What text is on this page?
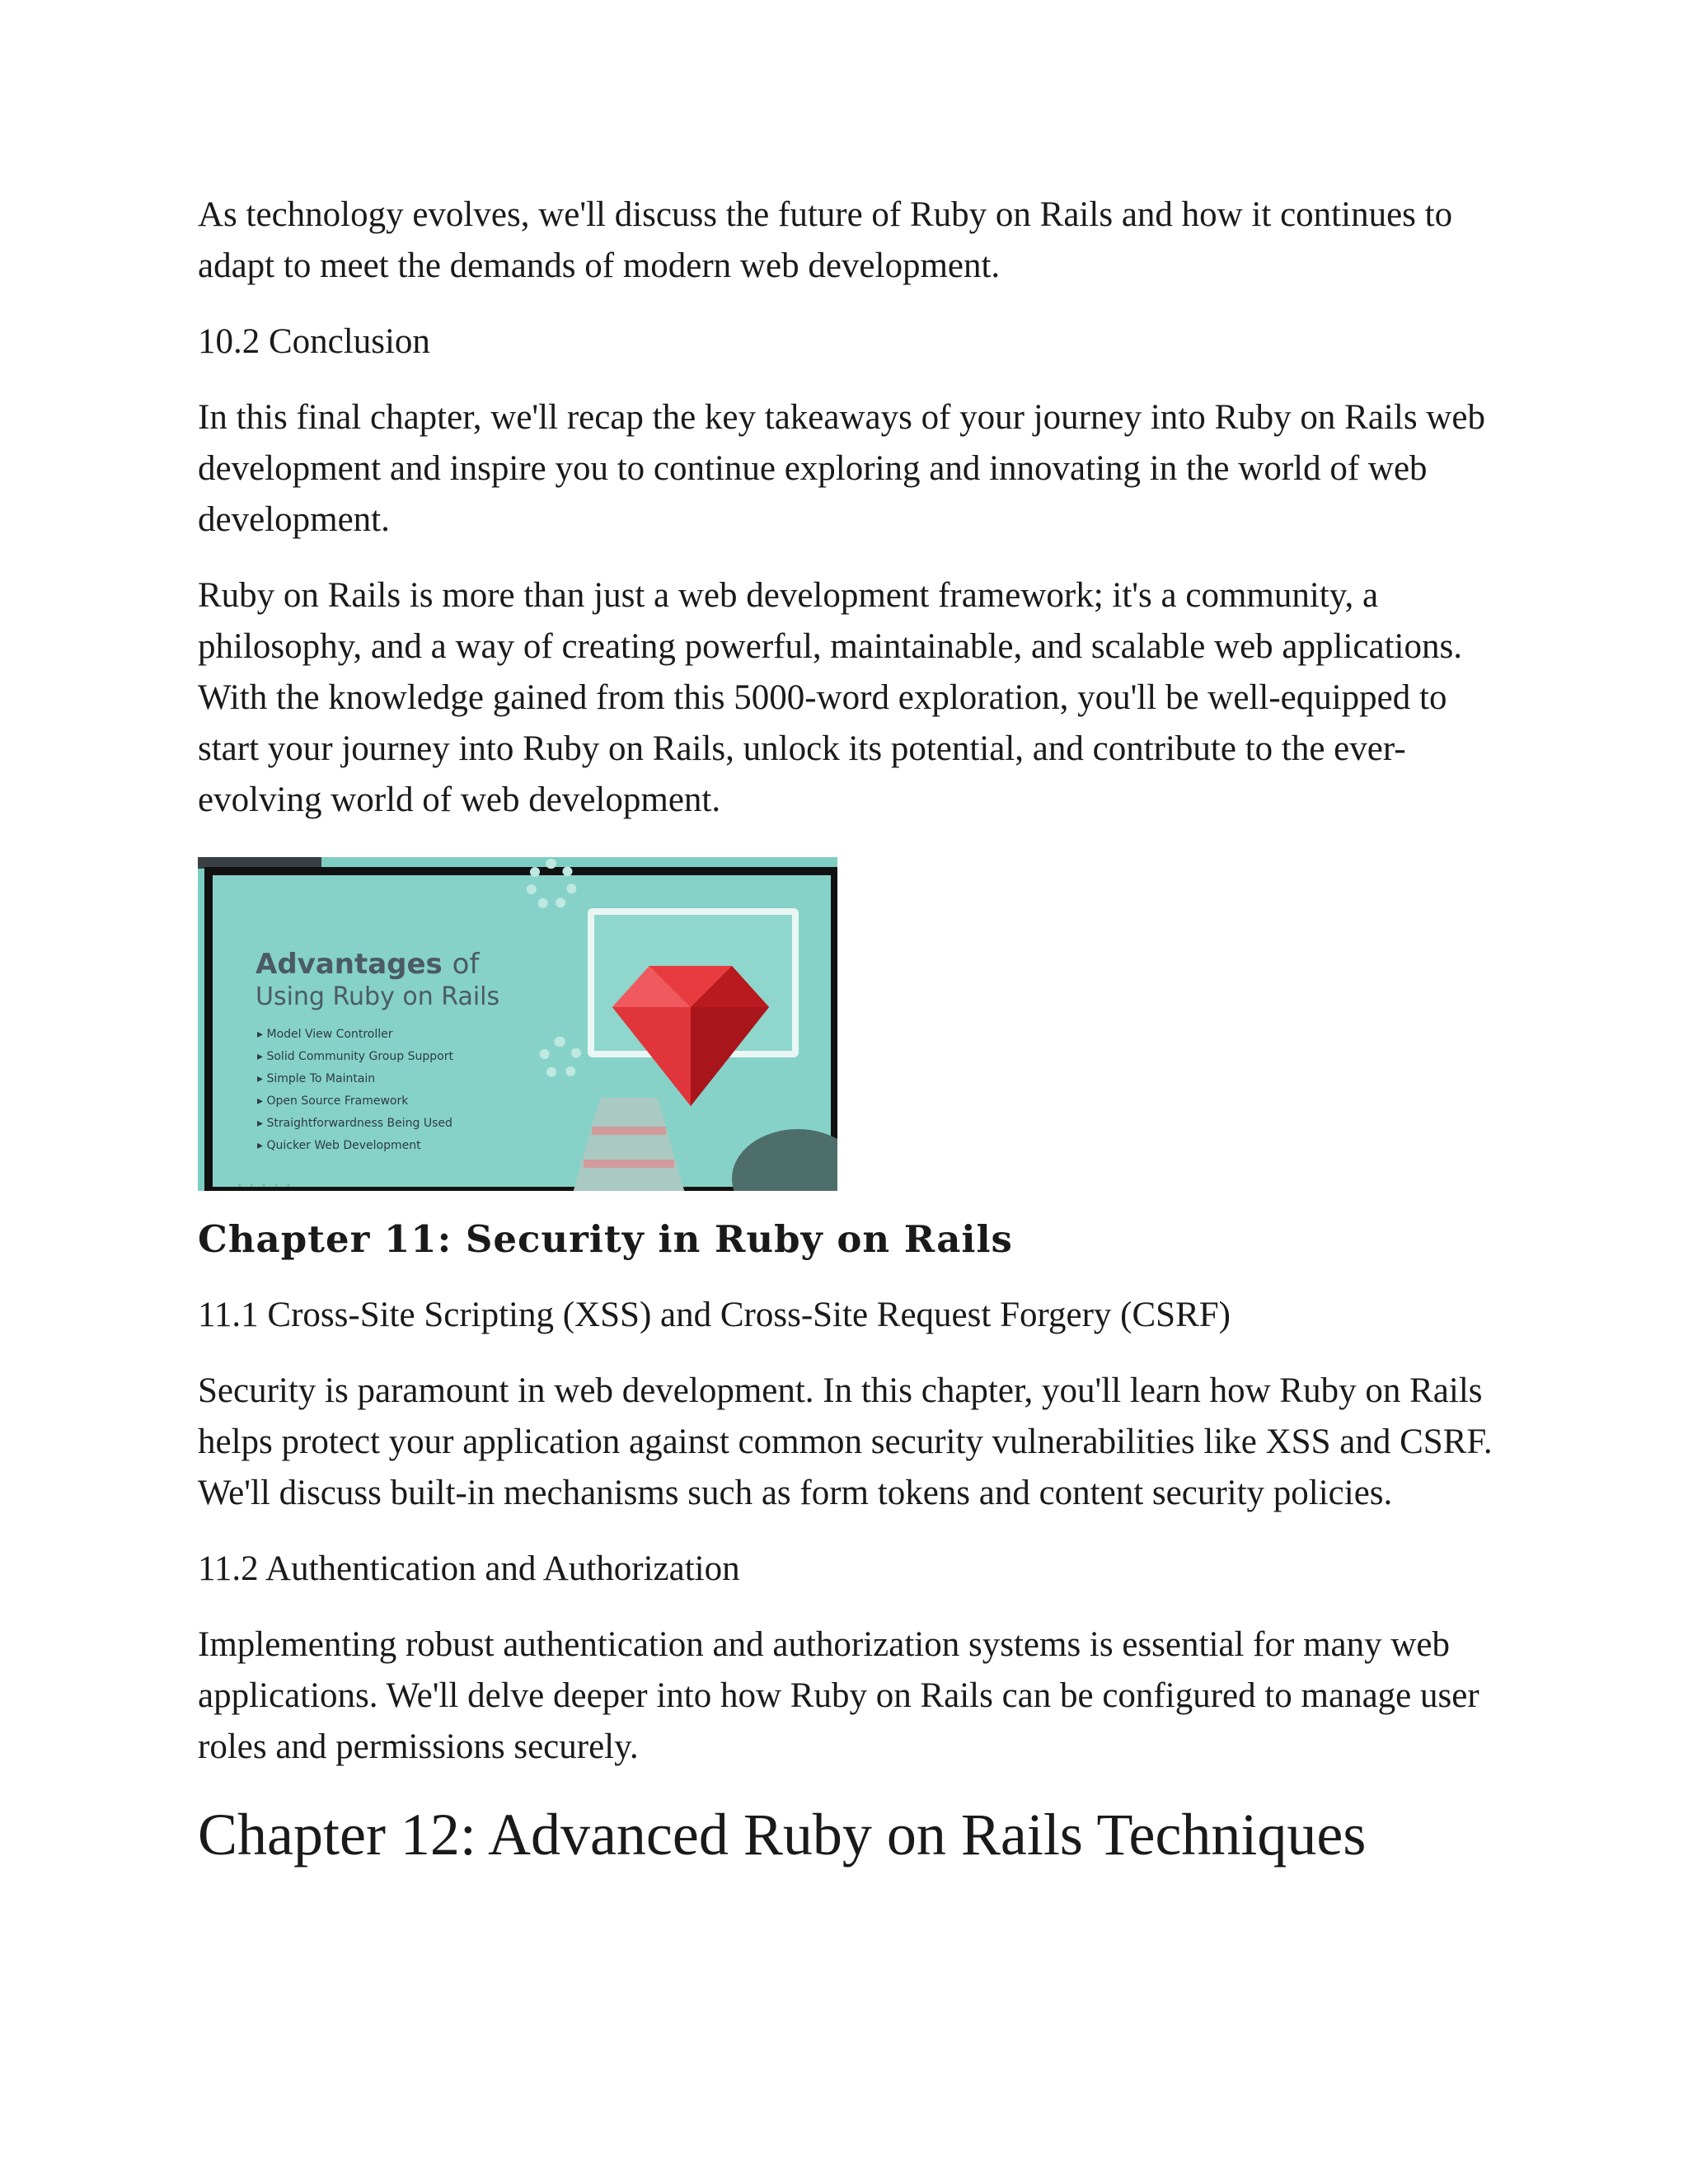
As technology evolves, we'll discuss the future of Ruby on Rails and how it continues to adapt to meet the demands of modern web development.

10.2 Conclusion

In this final chapter, we'll recap the key takeaways of your journey into Ruby on Rails web development and inspire you to continue exploring and innovating in the world of web development.

Ruby on Rails is more than just a web development framework; it's a community, a philosophy, and a way of creating powerful, maintainable, and scalable web applications. With the knowledge gained from this 5000-word exploration, you'll be well-equipped to start your journey into Ruby on Rails, unlock its potential, and contribute to the ever-evolving world of web development.

Advantages of
Using Ruby on Rails
▸ Model View Controller
▸ Solid Community Group Support
▸ Simple To Maintain
▸ Open Source Framework
▸ Straightforwardness Being Used
▸ Quicker Web Development
•••••
Chapter 11: Security in Ruby on Rails

11.1 Cross-Site Scripting (XSS) and Cross-Site Request Forgery (CSRF)

Security is paramount in web development. In this chapter, you'll learn how Ruby on Rails helps protect your application against common security vulnerabilities like XSS and CSRF. We'll discuss built-in mechanisms such as form tokens and content security policies.

11.2 Authentication and Authorization

Implementing robust authentication and authorization systems is essential for many web applications. We'll delve deeper into how Ruby on Rails can be configured to manage user roles and permissions securely.

Chapter 12: Advanced Ruby on Rails Techniques
